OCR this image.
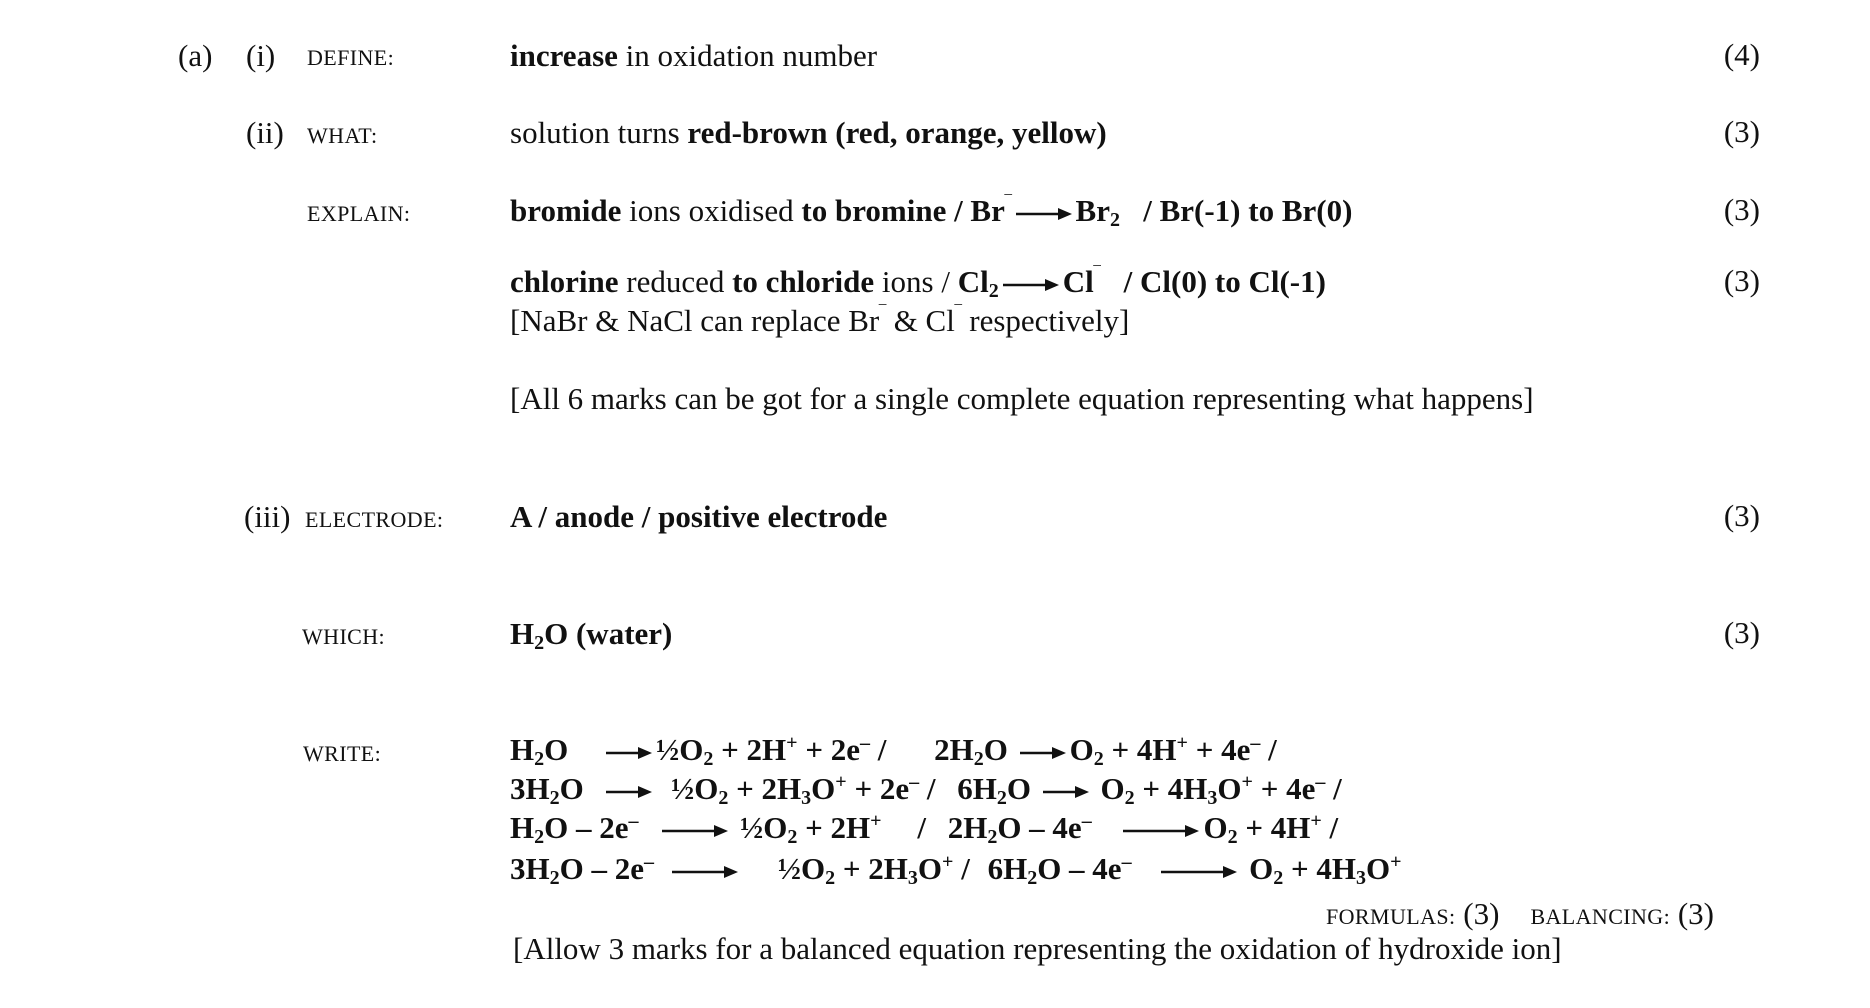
(a) (i) DEFINE:	increase in oxidation number	(4)
(ii) WHAT:	solution turns red-brown (red, orange, yellow)	(3)
EXPLAIN:	bromide ions oxidised to $bromine / Br^‾ \to Br_2 / Br(-1)$ to Br(0)	(3)
chlorine reduced to chloride ions / $Cl_2 \to Cl^‾ / Cl(0)$ to Cl(-1)	(3)
[NaBr & NaCl can replace Br‾ & Cl‾ respectively]
[All 6 marks can be got for a single complete equation representing what happens]
(iii) ELECTRODE: A / anode / positive electrode	(3)
WHICH:	$H_2O$ (water)	(3)
WRITE:	$H_2O$ → $\frac{1}{2}O_2 + 2H^+ + 2e^- / 2H_2O \to O_2 + 4H^+ + 4e^-$ /
$3H_2O$ → $\frac{1}{2}O_2 + 2H_3O^+ + 2e^- / 6H_2O \to O_2 + 4H_3O^+ + 4e^-$ /
$H_2O - 2e^-$ → $\frac{1}{2}O_2 + 2H^+ / 2H_2O - 4e^- \to O_2 + 4H^+$ /
$3H_2O - 2e^-$ → $\frac{1}{2}O_2 + 2H_3O^+ / 6H_2O - 4e^- \to O_2 + 4H_3O^+$
FORMULAS: (3) BALANCING: (3)
[Allow 3 marks for a balanced equation representing the oxidation of hydroxide ion]
